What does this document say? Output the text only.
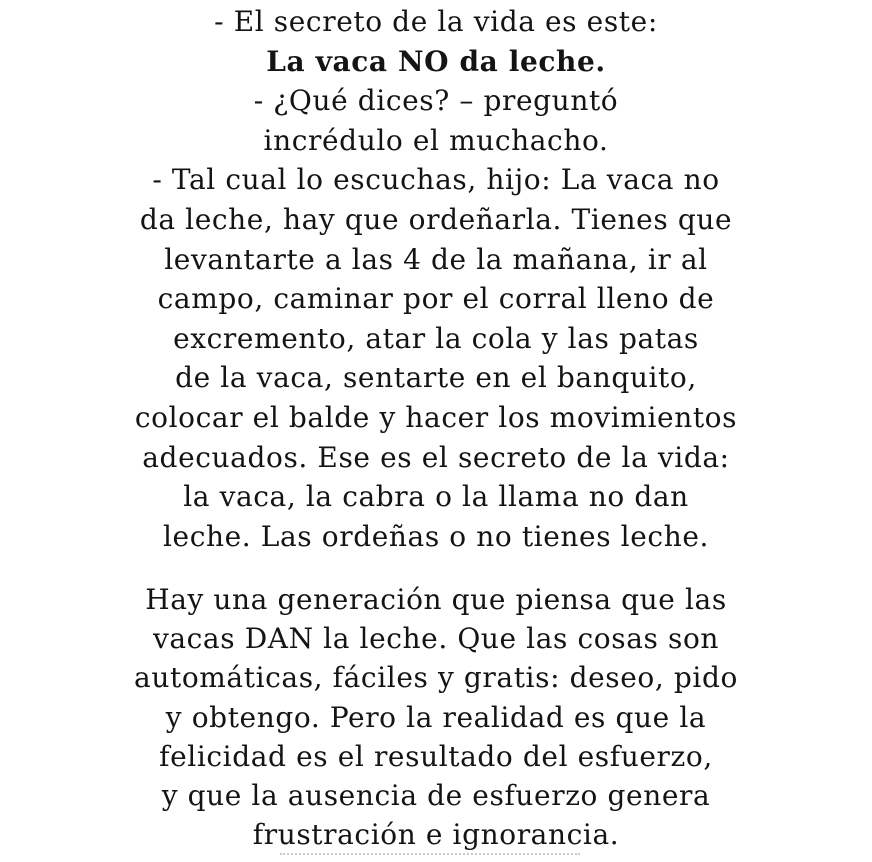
- El secreto de la vida es este:
La vaca NO da leche.
- ¿Qué dices? – preguntó
incrédulo el muchacho.
- Tal cual lo escuchas, hijo: La vaca no
da leche, hay que ordeñarla. Tienes que
levantarte a las 4 de la mañana, ir al
campo, caminar por el corral lleno de
excremento, atar la cola y las patas
de la vaca, sentarte en el banquito,
colocar el balde y hacer los movimientos
adecuados. Ese es el secreto de la vida:
la vaca, la cabra o la llama no dan
leche. Las ordeñas o no tienes leche.
Hay una generación que piensa que las
vacas DAN la leche. Que las cosas son
automáticas, fáciles y gratis: deseo, pido
y obtengo. Pero la realidad es que la
felicidad es el resultado del esfuerzo,
y que la ausencia de esfuerzo genera
frustración e ignorancia.
